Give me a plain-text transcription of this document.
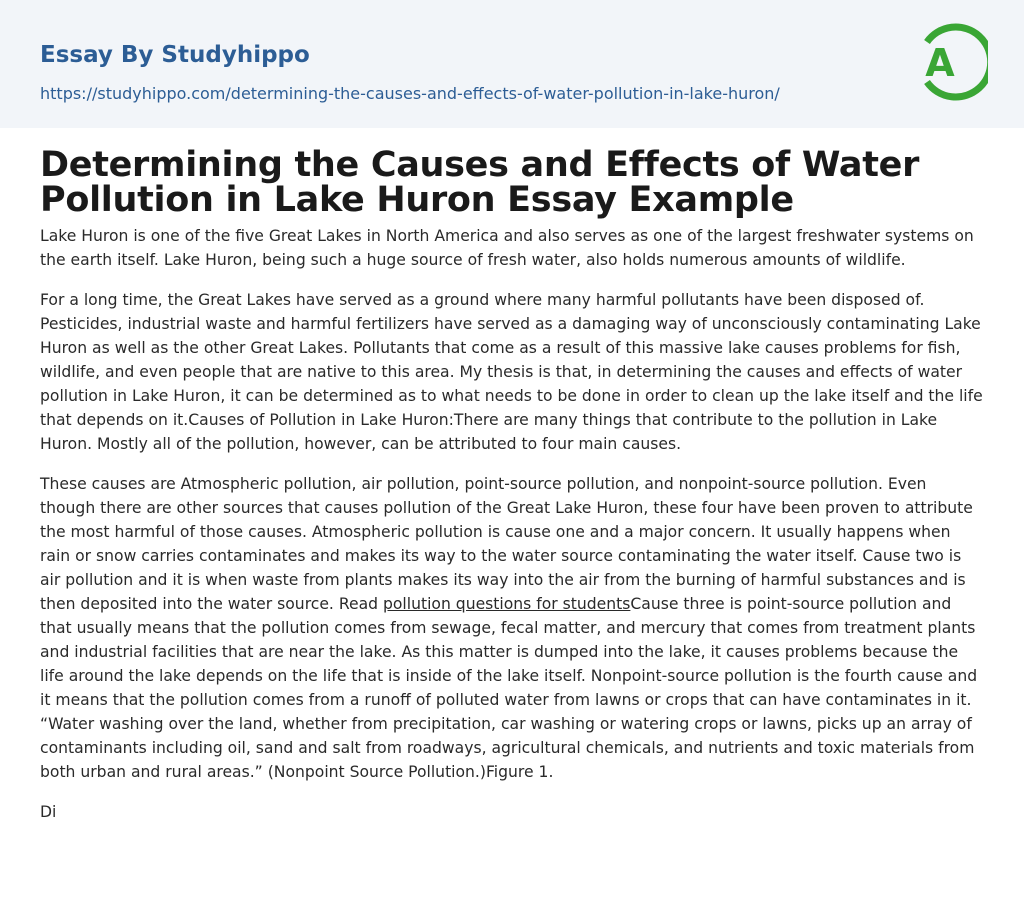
Essay By Studyhippo
https://studyhippo.com/determining-the-causes-and-effects-of-water-pollution-in-lake-huron/
A
Determining the Causes and Effects of Water Pollution in Lake Huron Essay Example

Lake Huron is one of the five Great Lakes in North America and also serves as one of the largest freshwater systems on the earth itself. Lake Huron, being such a huge source of fresh water, also holds numerous amounts of wildlife.

For a long time, the Great Lakes have served as a ground where many harmful pollutants have been disposed of. Pesticides, industrial waste and harmful fertilizers have served as a damaging way of unconsciously contaminating Lake Huron as well as the other Great Lakes. Pollutants that come as a result of this massive lake causes problems for fish, wildlife, and even people that are native to this area. My thesis is that, in determining the causes and effects of water pollution in Lake Huron, it can be determined as to what needs to be done in order to clean up the lake itself and the life that depends on it.Causes of Pollution in Lake Huron:There are many things that contribute to the pollution in Lake Huron. Mostly all of the pollution, however, can be attributed to four main causes.

These causes are Atmospheric pollution, air pollution, point-source pollution, and nonpoint-source pollution. Even though there are other sources that causes pollution of the Great Lake Huron, these four have been proven to attribute the most harmful of those causes. Atmospheric pollution is cause one and a major concern. It usually happens when rain or snow carries contaminates and makes its way to the water source contaminating the water itself. Cause two is air pollution and it is when waste from plants makes its way into the air from the burning of harmful substances and is then deposited into the water source. Read pollution questions for studentsCause three is point-source pollution and that usually means that the pollution comes from sewage, fecal matter, and mercury that comes from treatment plants and industrial facilities that are near the lake. As this matter is dumped into the lake, it causes problems because the life around the lake depends on the life that is inside of the lake itself. Nonpoint-source pollution is the fourth cause and it means that the pollution comes from a runoff of polluted water from lawns or crops that can have contaminates in it. “Water washing over the land, whether from precipitation, car washing or watering crops or lawns, picks up an array of contaminants including oil, sand and salt from roadways, agricultural chemicals, and nutrients and toxic materials from both urban and rural areas.” (Nonpoint Source Pollution.)Figure 1.

Di
